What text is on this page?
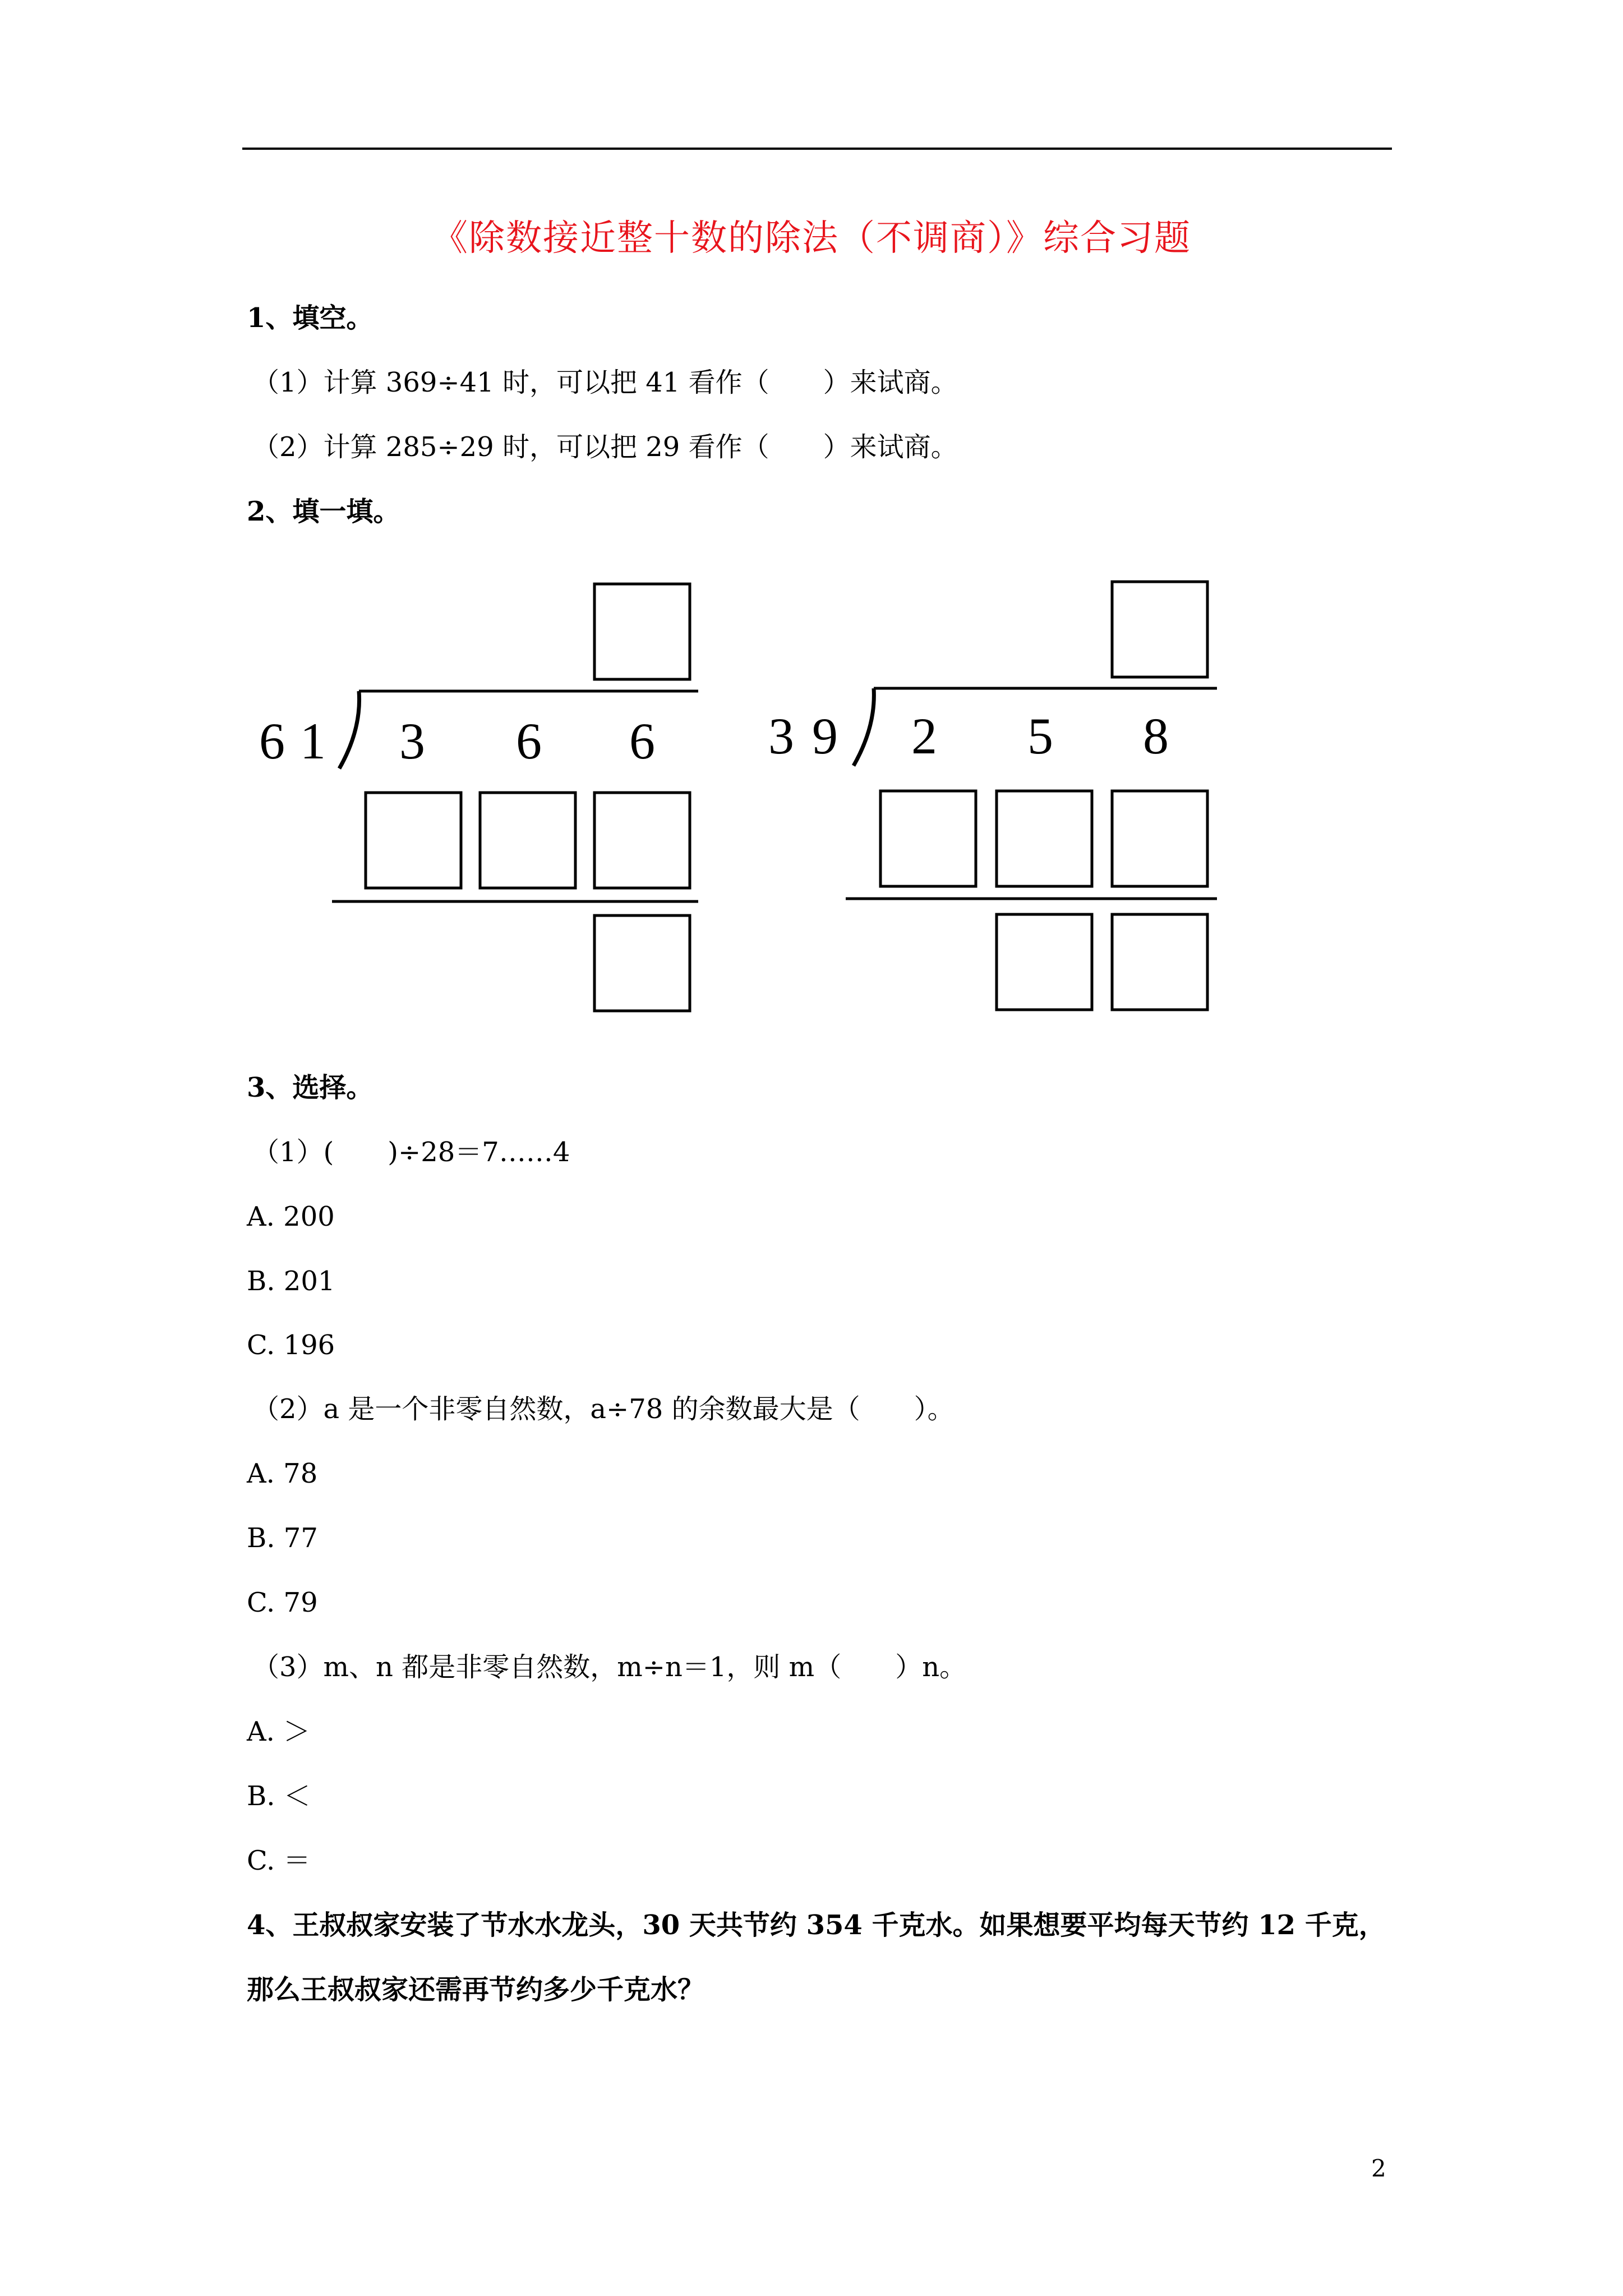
《除数接近整十数的除法（不调商）》综合习题
1、填空。
（1）计算 369÷41 时，可以把 41 看作（　　）来试商。
（2）计算 285÷29 时，可以把 29 看作（　　）来试商。
2、填一填。
6 1 3 6 6 3 9 2 5 8
3、选择。
（1）(　　)÷28＝7……4
A. 200
B. 201
C. 196
（2）a 是一个非零自然数，a÷78 的余数最大是（　　）。
A. 78
B. 77
C. 79
（3）m、n 都是非零自然数，m÷n＝1，则 m（　　）n。
A. ＞
B. ＜
C. ＝
4、王叔叔家安装了节水水龙头，30 天共节约 354 千克水。如果想要平均每天节约 12 千克，
那么王叔叔家还需再节约多少千克水？
2
